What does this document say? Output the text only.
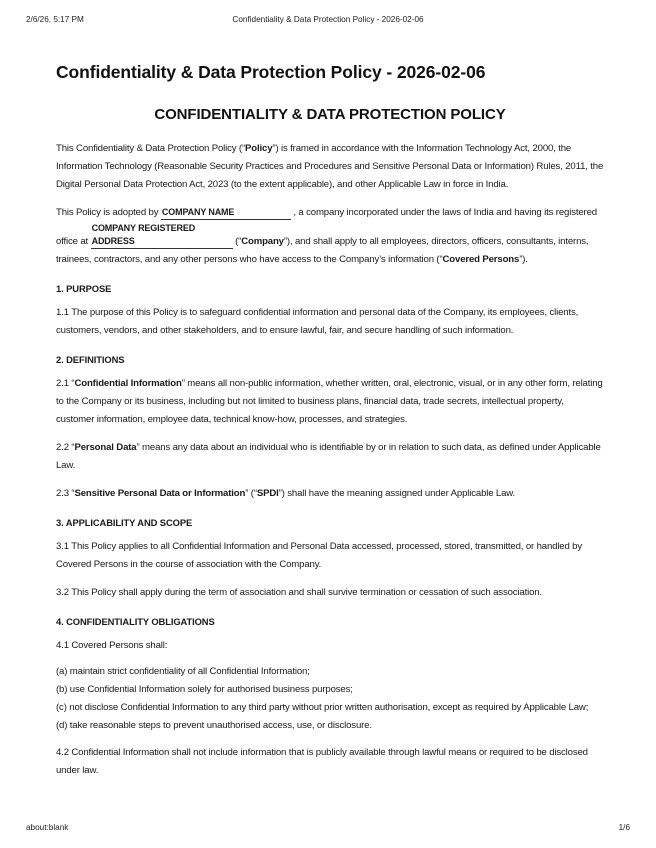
2/6/26, 5:17 PM	Confidentiality & Data Protection Policy - 2026-02-06
Confidentiality & Data Protection Policy - 2026-02-06
CONFIDENTIALITY & DATA PROTECTION POLICY

This Confidentiality & Data Protection Policy (“Policy”) is framed in accordance with the Information Technology Act, 2000, the Information Technology (Reasonable Security Practices and Procedures and Sensitive Personal Data or Information) Rules, 2011, the Digital Personal Data Protection Act, 2023 (to the extent applicable), and other Applicable Law in force in India.

This Policy is adopted by COMPANY NAME	, a company incorporated under the laws of India and having its registered office at COMPANY REGISTERED ADDRESS	(“Company”), and shall apply to all employees, directors, officers, consultants, interns, trainees, contractors, and any other persons who have access to the Company’s information (“Covered Persons”).

1. PURPOSE

1.1 The purpose of this Policy is to safeguard confidential information and personal data of the Company, its employees, clients, customers, vendors, and other stakeholders, and to ensure lawful, fair, and secure handling of such information.

2. DEFINITIONS

2.1 “Confidential Information” means all non-public information, whether written, oral, electronic, visual, or in any other form, relating to the Company or its business, including but not limited to business plans, financial data, trade secrets, intellectual property, customer information, employee data, technical know-how, processes, and strategies.

2.2 “Personal Data” means any data about an individual who is identifiable by or in relation to such data, as defined under Applicable Law.

2.3 “Sensitive Personal Data or Information” (“SPDI”) shall have the meaning assigned under Applicable Law.

3. APPLICABILITY AND SCOPE

3.1 This Policy applies to all Confidential Information and Personal Data accessed, processed, stored, transmitted, or handled by Covered Persons in the course of association with the Company.

3.2 This Policy shall apply during the term of association and shall survive termination or cessation of such association.

4. CONFIDENTIALITY OBLIGATIONS

4.1 Covered Persons shall:

(a) maintain strict confidentiality of all Confidential Information;

(b) use Confidential Information solely for authorised business purposes;

(c) not disclose Confidential Information to any third party without prior written authorisation, except as required by Applicable Law;

(d) take reasonable steps to prevent unauthorised access, use, or disclosure.

4.2 Confidential Information shall not include information that is publicly available through lawful means or required to be disclosed under law.

about:blank	1/6
